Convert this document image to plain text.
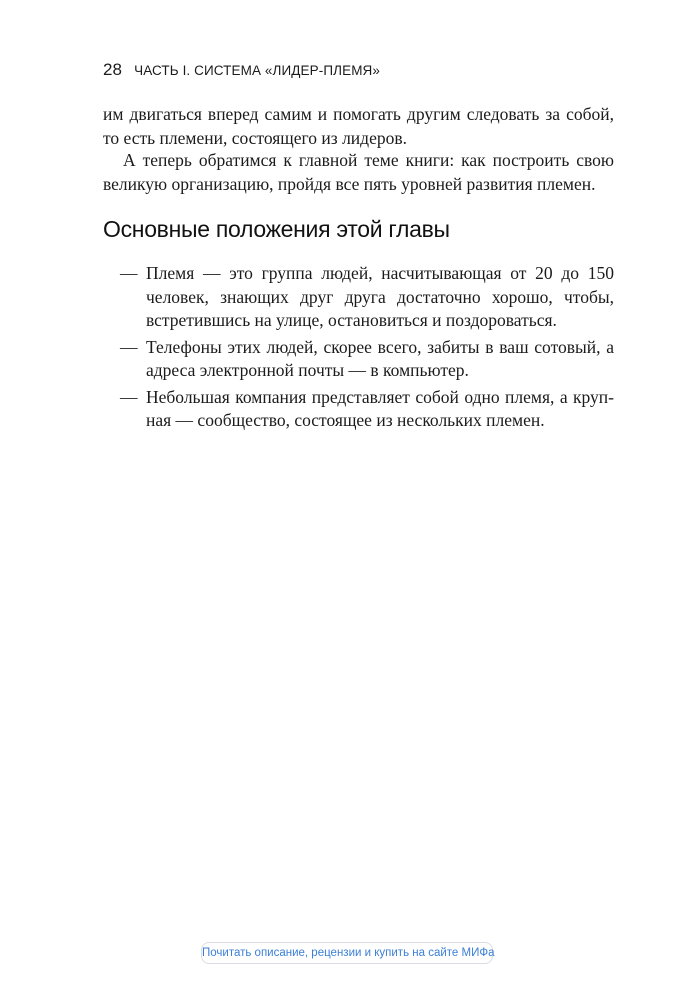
28 ЧАСТЬ I. СИСТЕМА «ЛИДЕР-ПЛЕМЯ»

им двигаться вперед самим и помогать другим следовать за собой, то есть племени, состоящего из лидеров.

А теперь обратимся к главной теме книги: как построить свою великую организацию, пройдя все пять уровней развития племен.

Основные положения этой главы
— Племя — это группа людей, насчитывающая от 20 до 150 человек, знающих друг друга достаточно хорошо, чтобы, встретившись на улице, остановиться и поздороваться.
— Телефоны этих людей, скорее всего, забиты в ваш сотовый, а адреса электронной почты — в компьютер.
— Небольшая компания представляет собой одно племя, а крупная — сообщество, состоящее из нескольких племен.
Почитать описание, рецензии и купить на сайте МИФа
